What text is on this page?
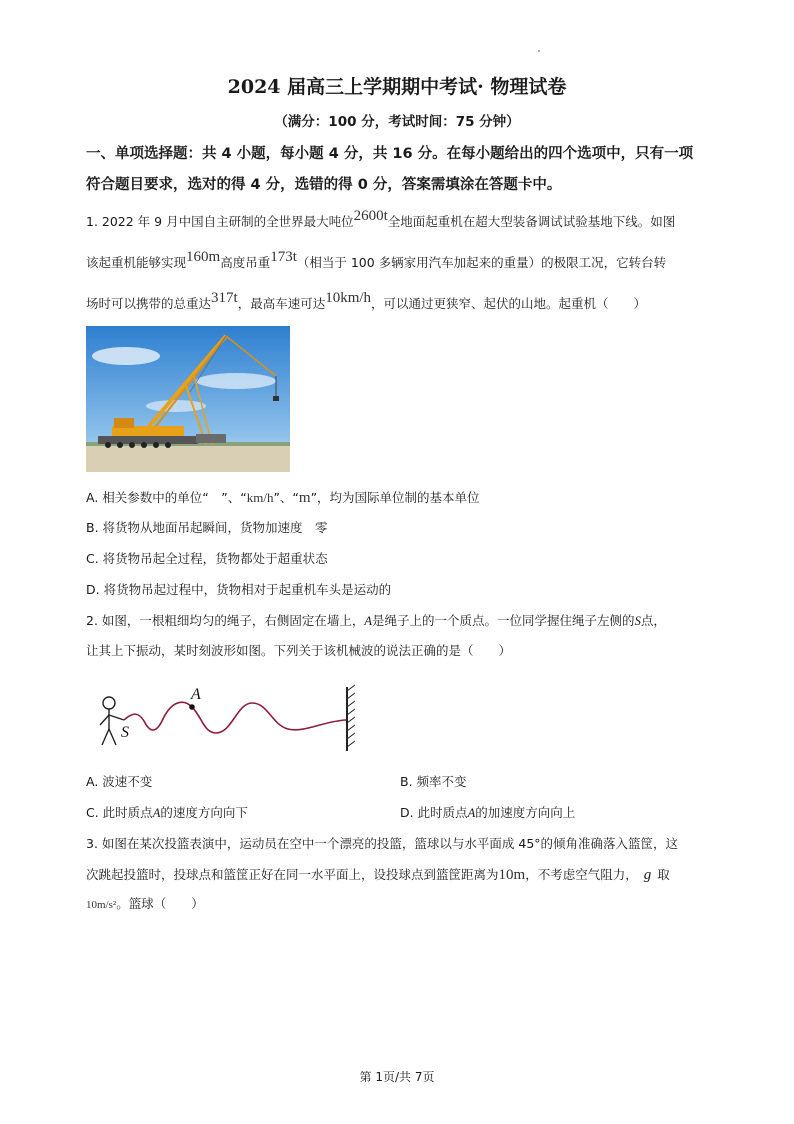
2024 届高三上学期期中考试· 物理试卷
（满分：100 分，考试时间：75 分钟）
一、单项选择题：共 4 小题，每小题 4 分，共 16 分。在每小题给出的四个选项中，只有一项
符合题目要求，选对的得 4 分，选错的得 0 分，答案需填涂在答题卡中。
1. 2022 年 9 月中国自主研制的全世界最大吨位2600t全地面起重机在超大型装备调试试验基地下线。如图
该起重机能够实现160m高度吊重173t（相当于 100 多辆家用汽车加起来的重量）的极限工况，它转台转
场时可以携带的总重达317t，最高车速可达10km/h，可以通过更狭窄、起伏的山地。起重机（　　）
A. 相关参数中的单位“　”、“km/h”、“m”，均为国际单位制的基本单位
B. 将货物从地面吊起瞬间，货物加速度　零
C. 将货物吊起全过程，货物都处于超重状态
D. 将货物吊起过程中，货物相对于起重机车头是运动的
2. 如图，一根粗细均匀的绳子，右侧固定在墙上，A是绳子上的一个质点。一位同学握住绳子左侧的S点，
让其上下振动，某时刻波形如图。下列关于该机械波的说法正确的是（　　）
A
S
A. 波速不变	B. 频率不变
C. 此时质点A的速度方向向下	D. 此时质点A的加速度方向向上
3. 如图在某次投篮表演中，运动员在空中一个漂亮的投篮，篮球以与水平面成 45°的倾角准确落入篮筐，这
次跳起投篮时，投球点和篮筐正好在同一水平面上，设投球点到篮筐距离为10m，不考虑空气阻力， g 取
10m/s²。篮球（　　）
第 1页/共 7页
